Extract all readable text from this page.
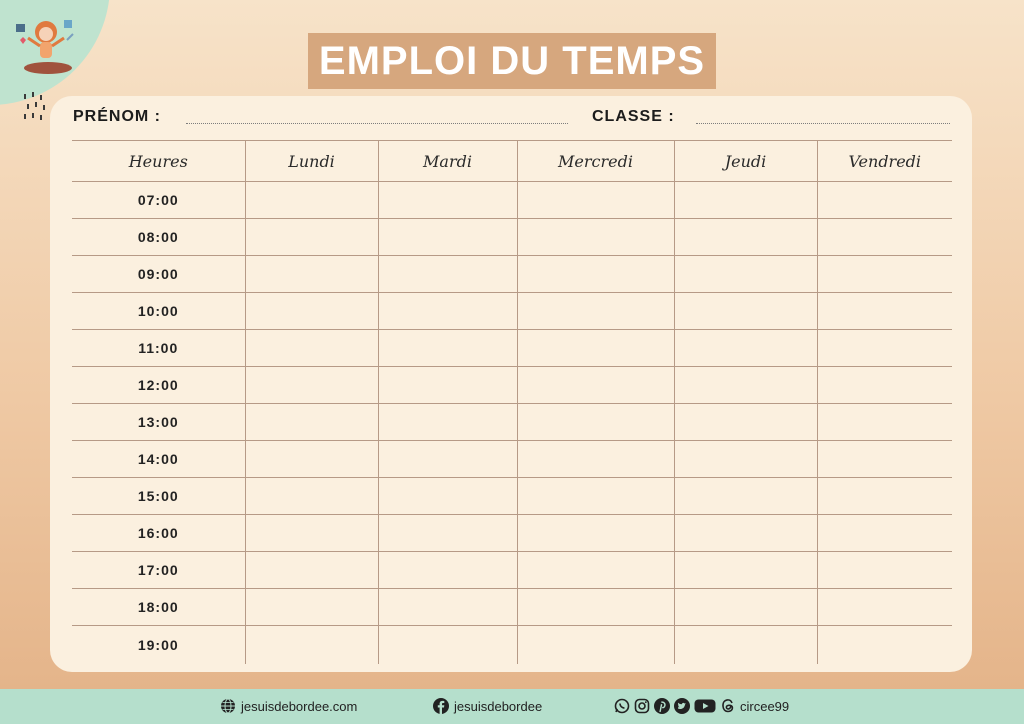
EMPLOI DU TEMPS
PRÉNOM :	CLASSE :
Heures	Lundi	Mardi	Mercredi	Jeudi	Vendredi
07:00					
08:00					
09:00					
10:00					
11:00					
12:00					
13:00					
14:00					
15:00					
16:00					
17:00					
18:00					
19:00					
jesuisdebordee.com	jesuisdebordee	circee99
